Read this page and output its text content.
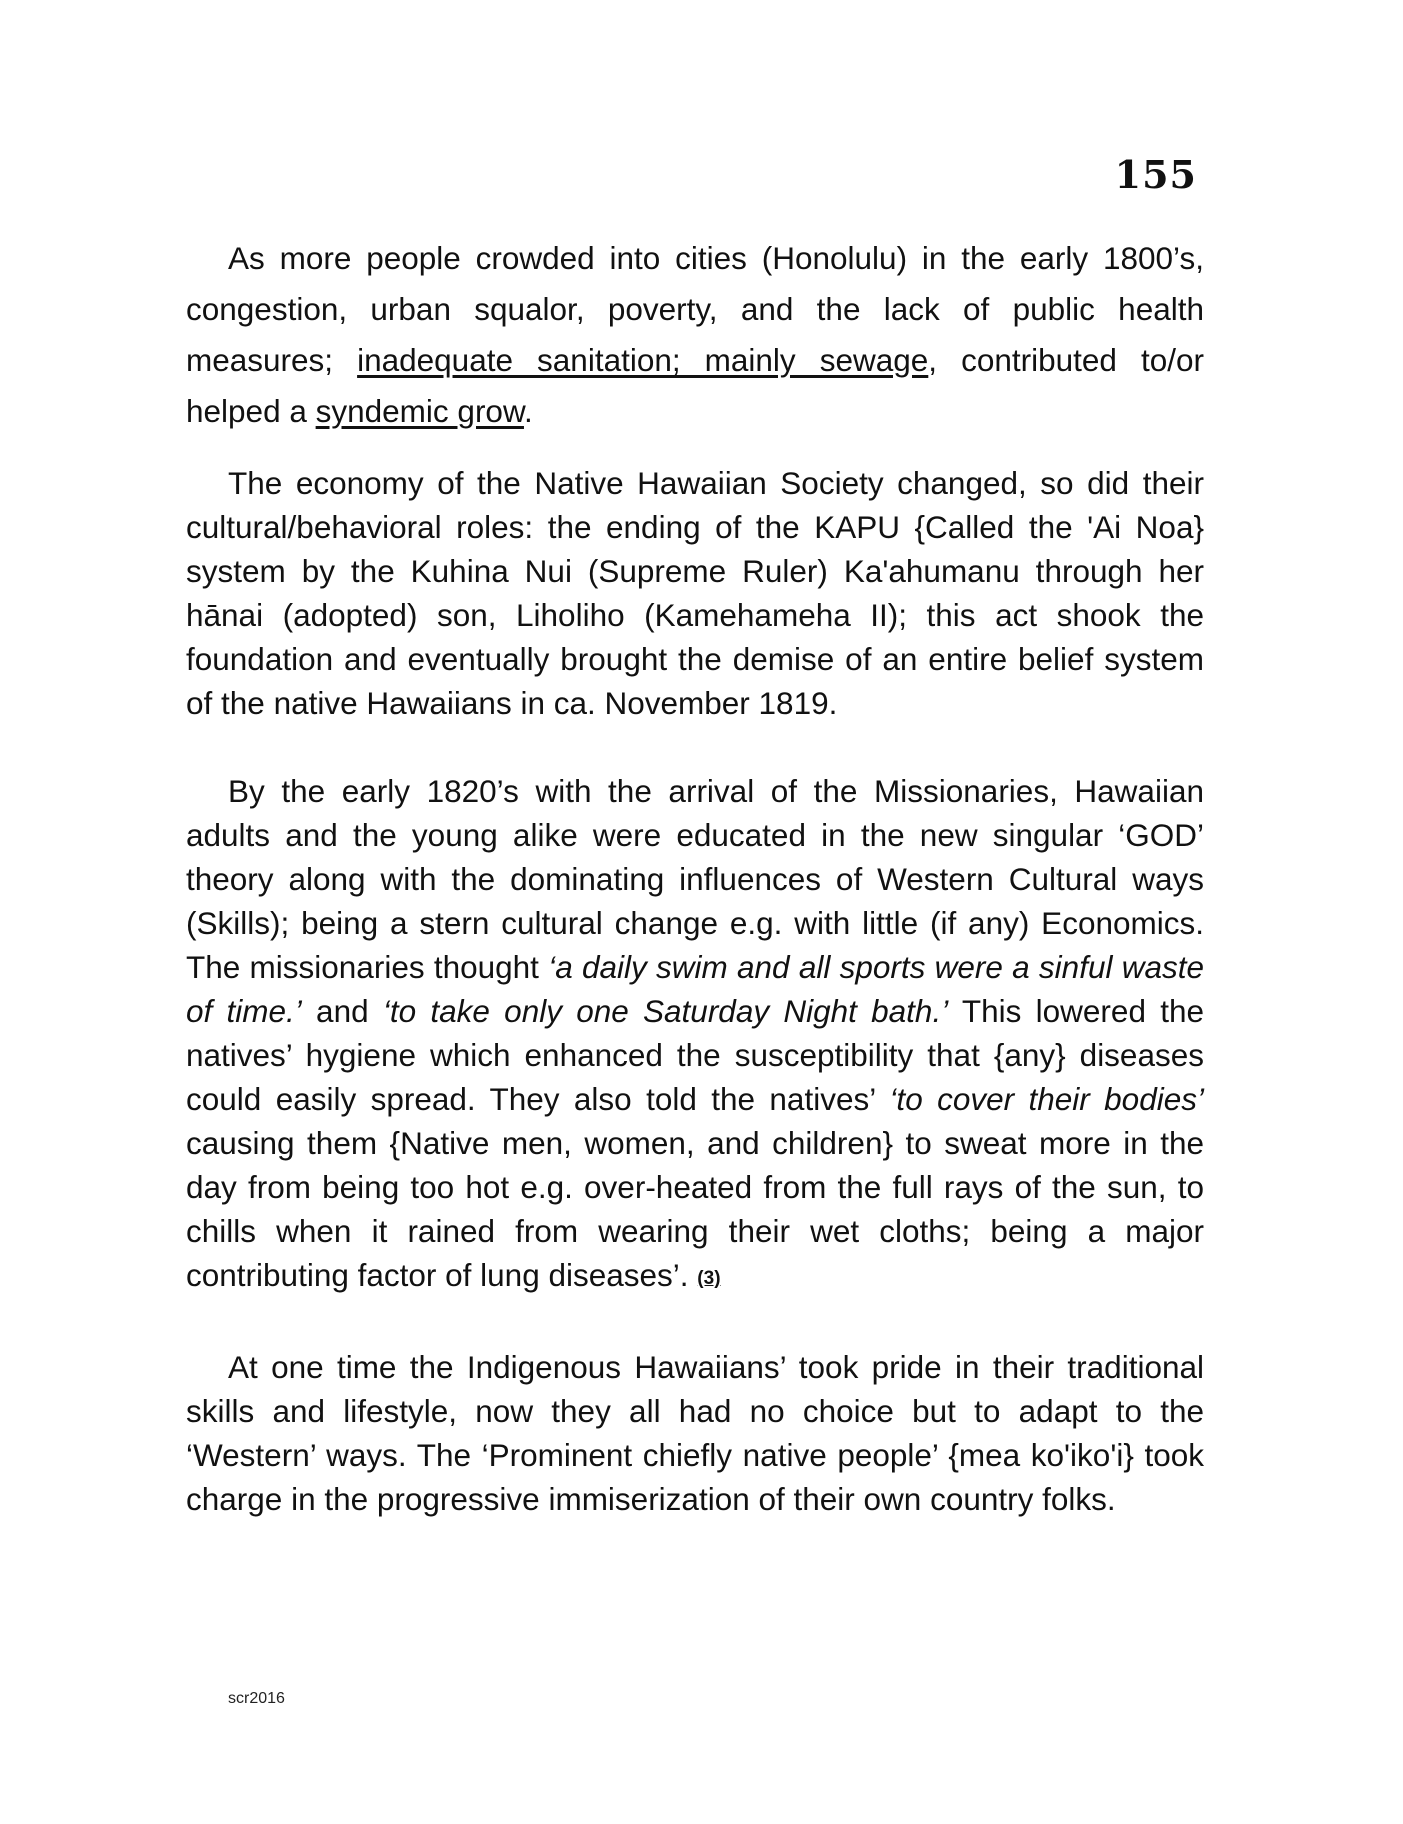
155

As more people crowded into cities (Honolulu) in the early 1800’s, congestion, urban squalor, poverty, and the lack of public health measures; inadequate sanitation; mainly sewage, contributed to/or helped a syndemic grow.

The economy of the Native Hawaiian Society changed, so did their cultural/behavioral roles: the ending of the KAPU {Called the 'Ai Noa} system by the Kuhina Nui (Supreme Ruler) Ka'ahumanu through her hānai (adopted) son, Liholiho (Kamehameha II); this act shook the foundation and eventually brought the demise of an entire belief system of the native Hawaiians in ca. November 1819.

By the early 1820’s with the arrival of the Missionaries, Hawaiian adults and the young alike were educated in the new singular ‘GOD’ theory along with the dominating influences of Western Cultural ways (Skills); being a stern cultural change e.g. with little (if any) Economics. The missionaries thought ‘a daily swim and all sports were a sinful waste of time.’ and ‘to take only one Saturday Night bath.’ This lowered the natives’ hygiene which enhanced the susceptibility that {any} diseases could easily spread. They also told the natives’ ‘to cover their bodies’ causing them {Native men, women, and children} to sweat more in the day from being too hot e.g. over-heated from the full rays of the sun, to chills when it rained from wearing their wet cloths; being a major contributing factor of lung diseases’. (3)

At one time the Indigenous Hawaiians’ took pride in their traditional skills and lifestyle, now they all had no choice but to adapt to the ‘Western’ ways. The ‘Prominent chiefly native people’ {mea ko'iko'i} took charge in the progressive immiserization of their own country folks.

scr2016
